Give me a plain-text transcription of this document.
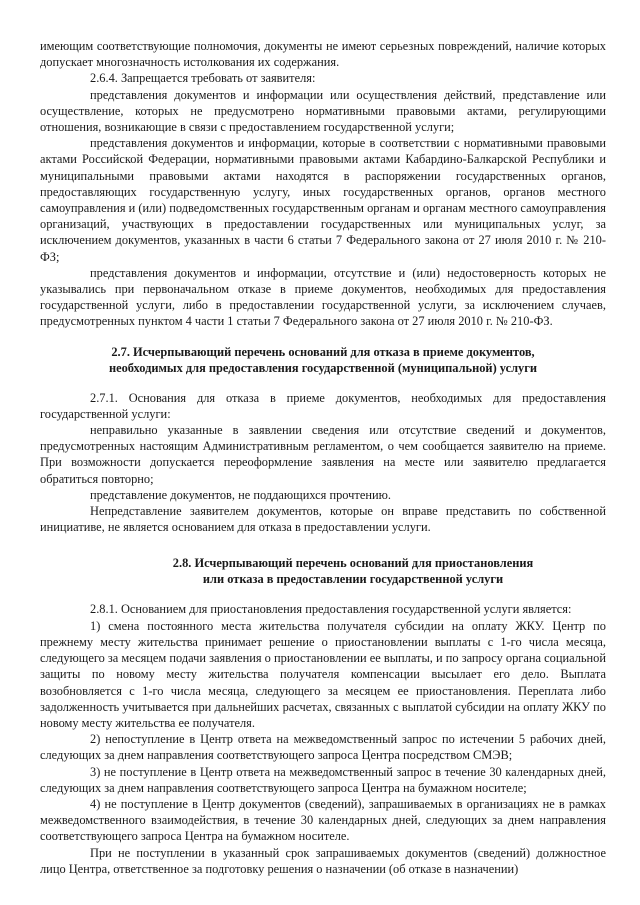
имеющим соответствующие полномочия, документы не имеют серьезных повреждений, наличие которых допускает многозначность истолкования их содержания.

2.6.4. Запрещается требовать от заявителя:

представления документов и информации или осуществления действий, представление или осуществление, которых не предусмотрено нормативными правовыми актами, регулирующими отношения, возникающие в связи с предоставлением государственной услуги;

представления документов и информации, которые в соответствии с нормативными правовыми актами Российской Федерации, нормативными правовыми актами Кабардино-Балкарской Республики и муниципальными правовыми актами находятся в распоряжении государственных органов, предоставляющих государственную услугу, иных государственных органов, органов местного самоуправления и (или) подведомственных государственным органам и органам местного самоуправления организаций, участвующих в предоставлении государственных или муниципальных услуг, за исключением документов, указанных в части 6 статьи 7 Федерального закона от 27 июля 2010 г. № 210-ФЗ;

представления документов и информации, отсутствие и (или) недостоверность которых не указывались при первоначальном отказе в приеме документов, необходимых для предоставления государственной услуги, либо в предоставлении государственной услуги, за исключением случаев, предусмотренных пунктом 4 части 1 статьи 7 Федерального закона от 27 июля 2010 г. № 210-ФЗ.

2.7. Исчерпывающий перечень оснований для отказа в приеме документов,

необходимых для предоставления государственной (муниципальной) услуги

2.7.1. Основания для отказа в приеме документов, необходимых для предоставления государственной услуги:

неправильно указанные в заявлении сведения или отсутствие сведений и документов, предусмотренных настоящим Административным регламентом, о чем сообщается заявителю на приеме. При возможности допускается переоформление заявления на месте или заявителю предлагается обратиться повторно;

представление документов, не поддающихся прочтению.

Непредставление заявителем документов, которые он вправе представить по собственной инициативе, не является основанием для отказа в предоставлении услуги.

2.8. Исчерпывающий перечень оснований для приостановления

или отказа в предоставлении государственной услуги

2.8.1. Основанием для приостановления предоставления государственной услуги является:

1) смена постоянного места жительства получателя субсидии на оплату ЖКУ. Центр по прежнему месту жительства принимает решение о приостановлении выплаты с 1-го числа месяца, следующего за месяцем подачи заявления о приостановлении ее выплаты, и по запросу органа социальной защиты по новому месту жительства получателя компенсации высылает его дело. Выплата возобновляется с 1-го числа месяца, следующего за месяцем ее приостановления. Переплата либо задолженность учитывается при дальнейших расчетах, связанных с выплатой субсидии на оплату ЖКУ по новому месту жительства ее получателя.

2) непоступление в Центр ответа на межведомственный запрос по истечении 5 рабочих дней, следующих за днем направления соответствующего запроса Центра посредством СМЭВ;

3) не поступление в Центр ответа на межведомственный запрос в течение 30 календарных дней, следующих за днем направления соответствующего запроса Центра на бумажном носителе;

4) не поступление в Центр документов (сведений), запрашиваемых в организациях не в рамках межведомственного взаимодействия, в течение 30 календарных дней, следующих за днем направления соответствующего запроса Центра на бумажном носителе.

При не поступлении в указанный срок запрашиваемых документов (сведений) должностное лицо Центра, ответственное за подготовку решения о назначении (об отказе в назначении)
